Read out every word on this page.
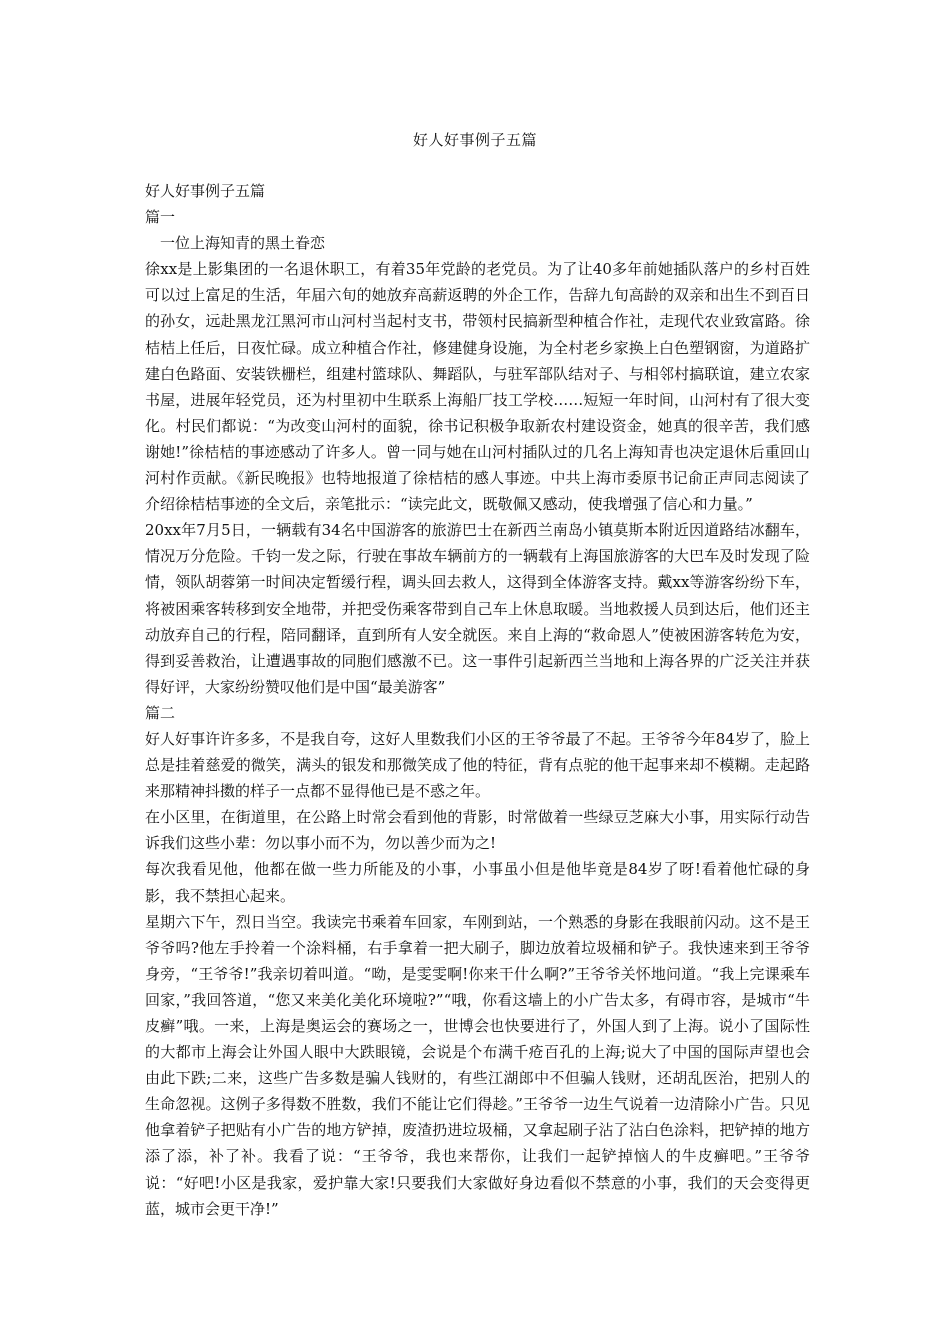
好人好事例子五篇

好人好事例子五篇

篇一

一位上海知青的黑土眷恋

徐xx是上影集团的一名退休职工，有着35年党龄的老党员。为了让40多年前她插队落户的乡村百姓可以过上富足的生活，年届六旬的她放弃高薪返聘的外企工作，告辞九旬高龄的双亲和出生不到百日的孙女，远赴黑龙江黑河市山河村当起村支书，带领村民搞新型种植合作社，走现代农业致富路。徐桔桔上任后，日夜忙碌。成立种植合作社，修建健身设施，为全村老乡家换上白色塑钢窗，为道路扩建白色路面、安装铁栅栏，组建村篮球队、舞蹈队，与驻军部队结对子、与相邻村搞联谊，建立农家书屋，进展年轻党员，还为村里初中生联系上海船厂技工学校……短短一年时间，山河村有了很大变化。村民们都说：“为改变山河村的面貌，徐书记积极争取新农村建设资金，她真的很辛苦，我们感谢她!”徐桔桔的事迹感动了许多人。曾一同与她在山河村插队过的几名上海知青也决定退休后重回山河村作贡献。《新民晚报》也特地报道了徐桔桔的感人事迹。中共上海市委原书记俞正声同志阅读了介绍徐桔桔事迹的全文后，亲笔批示：“读完此文，既敬佩又感动，使我增强了信心和力量。”

20xx年7月5日，一辆载有34名中国游客的旅游巴士在新西兰南岛小镇莫斯本附近因道路结冰翻车，情况万分危险。千钧一发之际，行驶在事故车辆前方的一辆载有上海国旅游客的大巴车及时发现了险情，领队胡蓉第一时间决定暂缓行程，调头回去救人，这得到全体游客支持。戴xx等游客纷纷下车，将被困乘客转移到安全地带，并把受伤乘客带到自己车上休息取暖。当地救援人员到达后，他们还主动放弃自己的行程，陪同翻译，直到所有人安全就医。来自上海的“救命恩人”使被困游客转危为安，得到妥善救治，让遭遇事故的同胞们感激不已。这一事件引起新西兰当地和上海各界的广泛关注并获得好评，大家纷纷赞叹他们是中国“最美游客”

篇二

好人好事许许多多，不是我自夸，这好人里数我们小区的王爷爷最了不起。王爷爷今年84岁了，脸上总是挂着慈爱的微笑，满头的银发和那微笑成了他的特征，背有点驼的他干起事来却不模糊。走起路来那精神抖擞的样子一点都不显得他已是不惑之年。

在小区里，在街道里，在公路上时常会看到他的背影，时常做着一些绿豆芝麻大小事，用实际行动告诉我们这些小辈：勿以事小而不为，勿以善少而为之!

每次我看见他，他都在做一些力所能及的小事，小事虽小但是他毕竟是84岁了呀!看着他忙碌的身影，我不禁担心起来。

星期六下午，烈日当空。我读完书乘着车回家，车刚到站，一个熟悉的身影在我眼前闪动。这不是王爷爷吗?他左手拎着一个涂料桶，右手拿着一把大刷子，脚边放着垃圾桶和铲子。我快速来到王爷爷身旁，“王爷爷!”我亲切着叫道。“呦，是雯雯啊!你来干什么啊?”王爷爷关怀地问道。“我上完课乘车回家，”我回答道，“您又来美化美化环境啦?”“哦，你看这墙上的小广告太多，有碍市容，是城市“牛皮癣”哦。一来，上海是奥运会的赛场之一，世博会也快要进行了，外国人到了上海。说小了国际性的大都市上海会让外国人眼中大跌眼镜，会说是个布满千疮百孔的上海;说大了中国的国际声望也会由此下跌;二来，这些广告多数是骗人钱财的，有些江湖郎中不但骗人钱财，还胡乱医治，把别人的生命忽视。这例子多得数不胜数，我们不能让它们得趁。”王爷爷一边生气说着一边清除小广告。只见他拿着铲子把贴有小广告的地方铲掉，废渣扔进垃圾桶，又拿起刷子沾了沾白色涂料，把铲掉的地方添了添，补了补。我看了说：“王爷爷，我也来帮你，让我们一起铲掉恼人的牛皮癣吧。”王爷爷说：“好吧!小区是我家，爱护靠大家!只要我们大家做好身边看似不禁意的小事，我们的天会变得更蓝，城市会更干净!”
